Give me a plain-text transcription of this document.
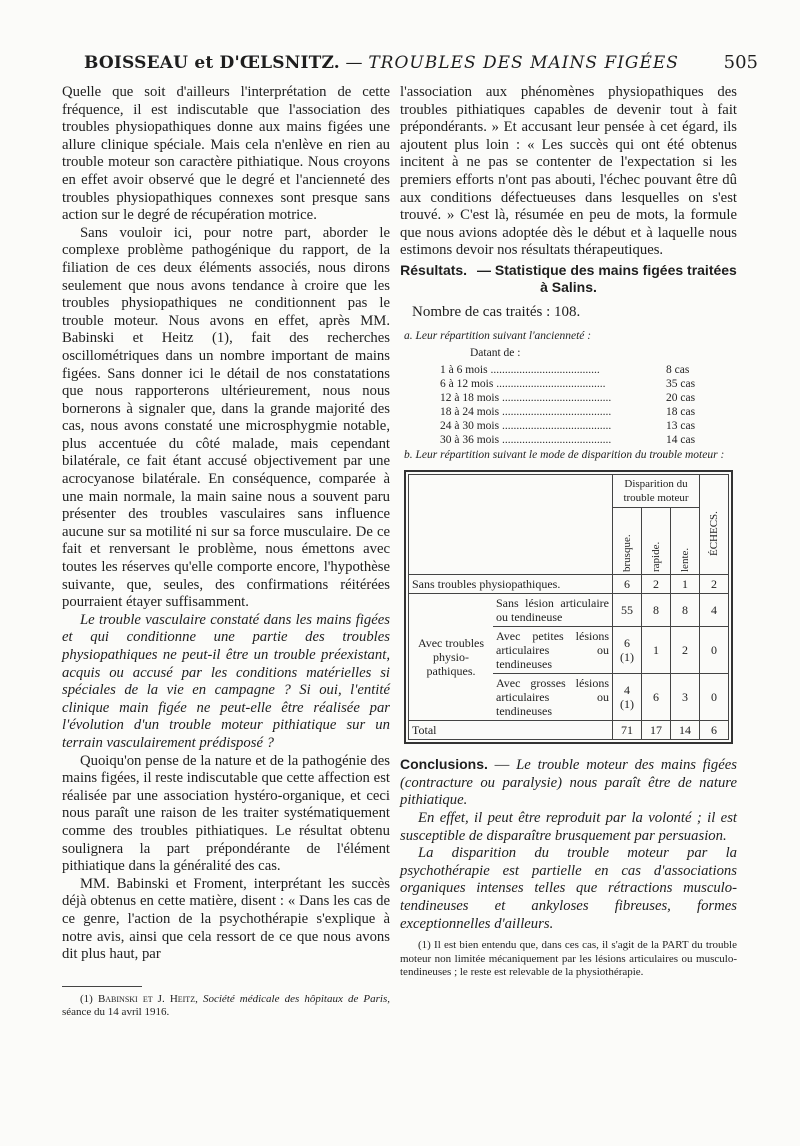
BOISSEAU et D'ŒLSNITZ. — TROUBLES DES MAINS FIGÉES 505

Quelle que soit d'ailleurs l'interprétation de cette fréquence, il est indiscutable que l'association des troubles physiopathiques donne aux mains figées une allure clinique spéciale. Mais cela n'enlève en rien au trouble moteur son caractère pithiatique. Nous croyons en effet avoir observé que le degré et l'ancienneté des troubles physiopathiques connexes sont presque sans action sur le degré de récupération motrice.

Sans vouloir ici, pour notre part, aborder le complexe problème pathogénique du rapport, de la filiation de ces deux éléments associés, nous dirons seulement que nous avons tendance à croire que les troubles physiopathiques ne conditionnent pas le trouble moteur. Nous avons en effet, après MM. Babinski et Heitz (1), fait des recherches oscillométriques dans un nombre important de mains figées. Sans donner ici le détail de nos constatations que nous rapporterons ultérieurement, nous nous bornerons à signaler que, dans la grande majorité des cas, nous avons constaté une microsphygmie notable, plus accentuée du côté malade, mais cependant bilatérale, ce fait étant accusé objectivement par une acrocyanose bilatérale. En conséquence, comparée à une main normale, la main saine nous a souvent paru présenter des troubles vasculaires sans influence aucune sur sa motilité ni sur sa force musculaire. De ce fait et renversant le problème, nous émettons avec toutes les réserves qu'elle comporte encore, l'hypothèse suivante, que, seules, des confirmations réitérées pourraient étayer suffisamment.

Le trouble vasculaire constaté dans les mains figées et qui conditionne une partie des troubles physiopathiques ne peut-il être un trouble préexistant, acquis ou accusé par les conditions matérielles si spéciales de la vie en campagne ? Si oui, l'entité clinique main figée ne peut-elle être réalisée par l'évolution d'un trouble moteur pithiatique sur un terrain vasculairement prédisposé ?

Quoiqu'on pense de la nature et de la pathogénie des mains figées, il reste indiscutable que cette affection est réalisée par une association hystéro-organique, et ceci nous paraît une raison de les traiter systématiquement comme des troubles pithiatiques. Le résultat obtenu soulignera la part prépondérante de l'élément pithiatique dans la généralité des cas.

MM. Babinski et Froment, interprétant les succès déjà obtenus en cette matière, disent : « Dans les cas de ce genre, l'action de la psychothérapie s'explique à notre avis, ainsi que cela ressort de ce que nous avons dit plus haut, par

(1) Babinski et J. Heitz, Société médicale des hôpitaux de Paris, séance du 14 avril 1916.

l'association aux phénomènes physiopathiques des troubles pithiatiques capables de devenir tout à fait prépondérants. » Et accusant leur pensée à cet égard, ils ajoutent plus loin : « Les succès qui ont été obtenus incitent à ne pas se contenter de l'expectation si les premiers efforts n'ont pas abouti, l'échec pouvant être dû aux conditions défectueuses dans lesquelles on s'est trouvé. » C'est là, résumée en peu de mots, la formule que nous avions adoptée dès le début et à laquelle nous estimons devoir nos résultats thérapeutiques.

Résultats. — Statistique des mains figées traitées à Salins.
Nombre de cas traités : 108.
a. Leur répartition suivant l'ancienneté :
Datant de :
1 à 6 mois .....	8 cas
6 à 12 mois .....	35 cas
12 à 18 mois .....	20 cas
18 à 24 mois .....	18 cas
24 à 30 mois .....	13 cas
30 à 36 mois .....	14 cas
b. Leur répartition suivant le mode de disparition du trouble moteur :
		Disparition du trouble moteur			ÉCHECS.

		brusque.	rapide.	lente.	

Sans troubles physiopathiques.		6	2	1	2
Avec troubles physio-pathiques.	Sans lésion articulaire ou tendineuse	55	8	8	4
	Avec petites lésions articulaires ou tendineuses	6 (1)	1	2	0
	Avec grosses lésions articulaires ou tendineuses	4 (1)	6	3	0
Total		71	17	14	6

Conclusions. — Le trouble moteur des mains figées (contracture ou paralysie) nous paraît être de nature pithiatique.

En effet, il peut être reproduit par la volonté ; il est susceptible de disparaître brusquement par persuasion.

La disparition du trouble moteur par la psychothérapie est partielle en cas d'associations organiques intenses telles que rétractions musculo-tendineuses et ankyloses fibreuses, formes exceptionnelles d'ailleurs.

(1) Il est bien entendu que, dans ces cas, il s'agit de la PART du trouble moteur non limitée mécaniquement par les lésions articulaires ou musculo-tendineuses ; le reste est relevable de la physiothérapie.
